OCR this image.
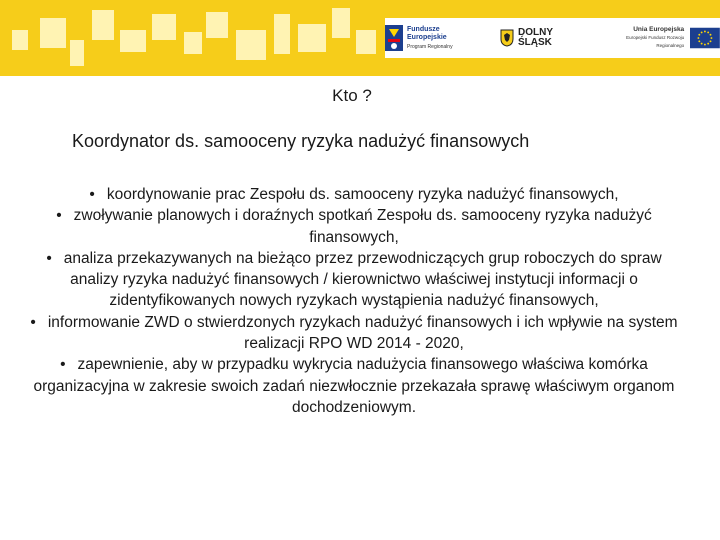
Fundusze
Europejskie
Program Regionalny
DOLNY
ŚLĄSK
Unia Europejska
Europejski Fundusz Rozwoju Regionalnego
Kto ?
Koordynator ds. samooceny ryzyka nadużyć finansowych

• koordynowanie prac Zespołu ds. samooceny ryzyka nadużyć finansowych,

• zwoływanie planowych i doraźnych spotkań Zespołu ds. samooceny ryzyka nadużyć finansowych,

• analiza przekazywanych na bieżąco przez przewodniczących grup roboczych do spraw analizy ryzyka nadużyć finansowych / kierownictwo właściwej instytucji informacji o zidentyfikowanych nowych ryzykach wystąpienia nadużyć finansowych,

• informowanie ZWD o stwierdzonych ryzykach nadużyć finansowych i ich wpływie na system realizacji RPO WD 2014 - 2020,

• zapewnienie, aby w przypadku wykrycia nadużycia finansowego właściwa komórka organizacyjna w zakresie swoich zadań niezwłocznie przekazała sprawę właściwym organom dochodzeniowym.
